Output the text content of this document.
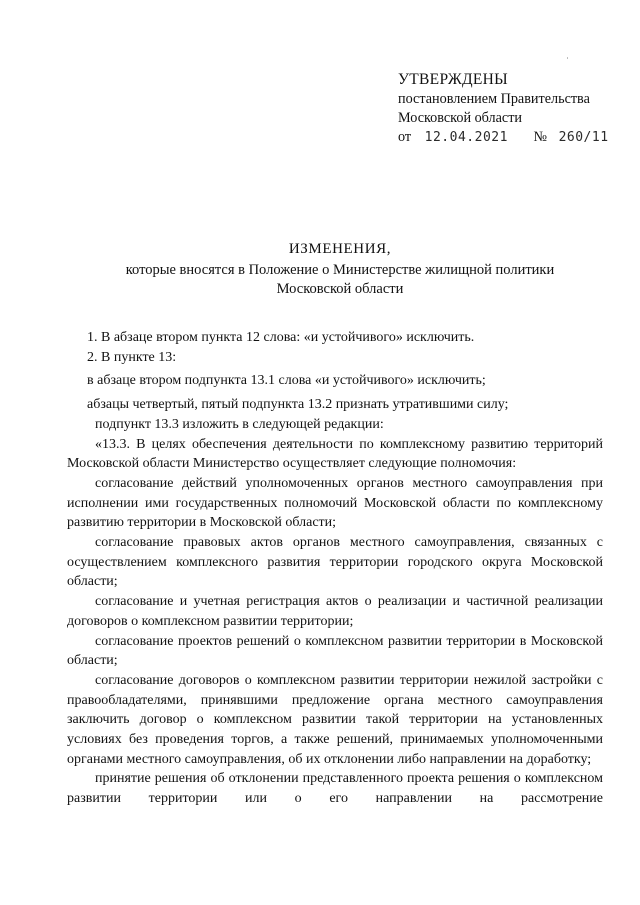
˙
УТВЕРЖДЕНЫ
постановлением Правительства
Московской области
от 12.04.2021 № 260/11
ИЗМЕНЕНИЯ,
которые вносятся в Положение о Министерстве жилищной политики
Московской области

1. В абзаце втором пункта 12 слова: «и устойчивого» исключить.

2. В пункте 13:

в абзаце втором подпункта 13.1 слова «и устойчивого» исключить;

абзацы четвертый, пятый подпункта 13.2 признать утратившими силу;

подпункт 13.3 изложить в следующей редакции:

«13.3. В целях обеспечения деятельности по комплексному развитию территорий Московской области Министерство осуществляет следующие полномочия:

согласование действий уполномоченных органов местного самоуправления при исполнении ими государственных полномочий Московской области по комплексному развитию территории в Московской области;

согласование правовых актов органов местного самоуправления, связанных с осуществлением комплексного развития территории городского округа Московской области;

согласование и учетная регистрация актов о реализации и частичной реализации договоров о комплексном развитии территории;

согласование проектов решений о комплексном развитии территории в Московской области;

согласование договоров о комплексном развитии территории нежилой застройки с правообладателями, принявшими предложение органа местного самоуправления заключить договор о комплексном развитии такой территории на установленных условиях без проведения торгов, а также решений, принимаемых уполномоченными органами местного самоуправления, об их отклонении либо направлении на доработку;

принятие решения об отклонении представленного проекта решения о комплексном развитии территории или о его направлении на рассмотрение
